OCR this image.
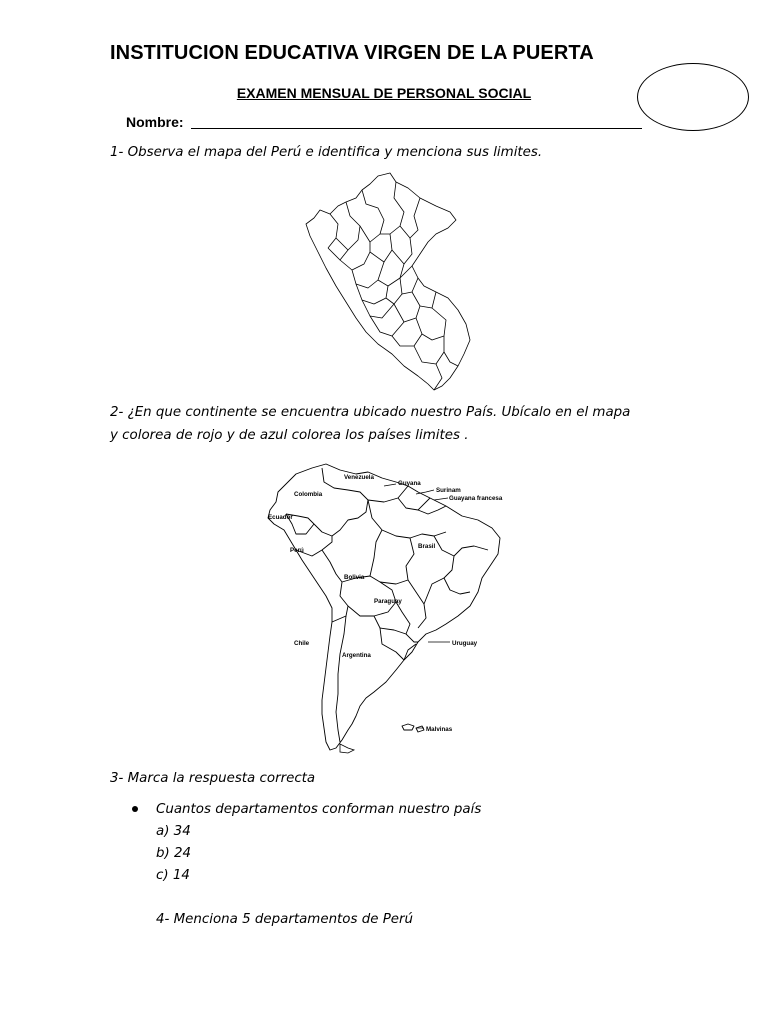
INSTITUCION EDUCATIVA VIRGEN DE LA PUERTA
EXAMEN MENSUAL DE PERSONAL SOCIAL
Nombre:

1- Observa el mapa del Perú e identifica y menciona sus limites.

2- ¿En que continente se encuentra ubicado nuestro País. Ubícalo en el mapa
y colorea de rojo y de azul colorea los países limites .

Venezuela
Guyana
Surinam
Guayana francesa
Colombia
Ecuador
Perú
Brasil
Bolivia
Paraguay
Chile
Argentina
Uruguay
Malvinas

3- Marca la respuesta correcta

Cuantos departamentos conforman nuestro país

a) 34

b) 24

c) 14

4- Menciona 5 departamentos de Perú
